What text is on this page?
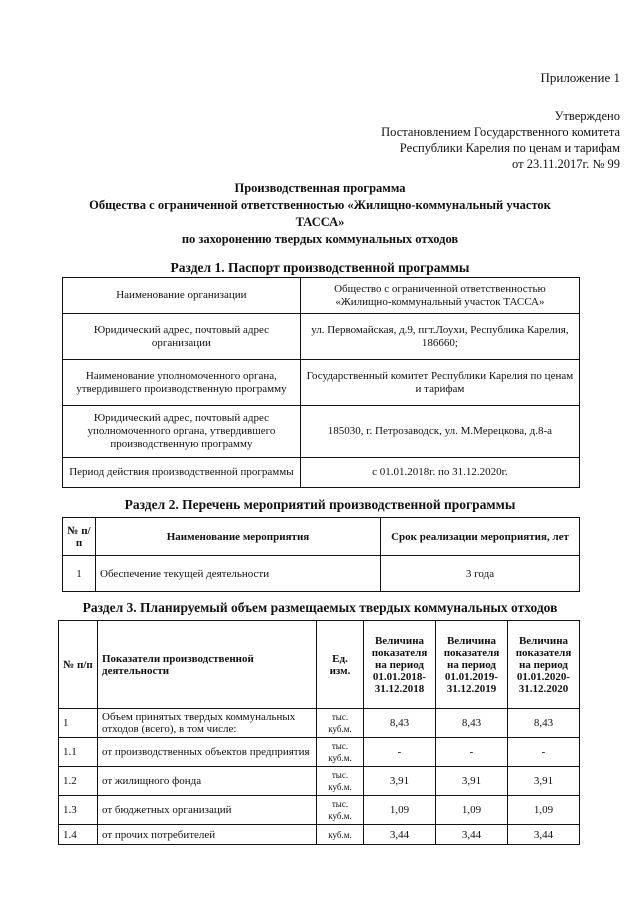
Приложение 1
Утверждено
Постановлением Государственного комитета
Республики Карелия по ценам и тарифам
от 23.11.2017г. № 99
Производственная программа
Общества с ограниченной ответственностью «Жилищно-коммунальный участок
ТАССА»
по захоронению твердых коммунальных отходов
Раздел 1. Паспорт производственной программы
Наименование организации	Общество с ограниченной ответственностью «Жилищно-коммунальный участок ТАССА»
Юридический адрес, почтовый адрес организации	ул. Первомайская, д.9, пгт.Лоухи, Республика Карелия, 186660;
Наименование уполномоченного органа, утвердившего производственную программу	Государственный комитет Республики Карелия по ценам и тарифам
Юридический адрес, почтовый адрес уполномоченного органа, утвердившего производственную программу	185030, г. Петрозаводск, ул. М.Мерецкова, д.8-а
Период действия производственной программы	с 01.01.2018г. по 31.12.2020г.
Раздел 2. Перечень мероприятий производственной программы
№ п/п	Наименование мероприятия	Срок реализации мероприятия, лет
1	Обеспечение текущей деятельности	3 года
Раздел 3. Планируемый объем размещаемых твердых коммунальных отходов
№ п/п	Показатели производственной деятельности	Ед. изм.	Величина показателя на период 01.01.2018-31.12.2018	Величина показателя на период 01.01.2019-31.12.2019	Величина показателя на период 01.01.2020-31.12.2020
1	Объем принятых твердых коммунальных отходов (всего), в том числе:	тыс. куб.м.	8,43	8,43	8,43
1.1	от производственных объектов предприятия	тыс. куб.м.	-	-	-
1.2	от жилищного фонда	тыс. куб.м.	3,91	3,91	3,91
1.3	от бюджетных организаций	тыс. куб.м.	1,09	1,09	1,09
1.4	от прочих потребителей	куб.м.	3,44	3,44	3,44
